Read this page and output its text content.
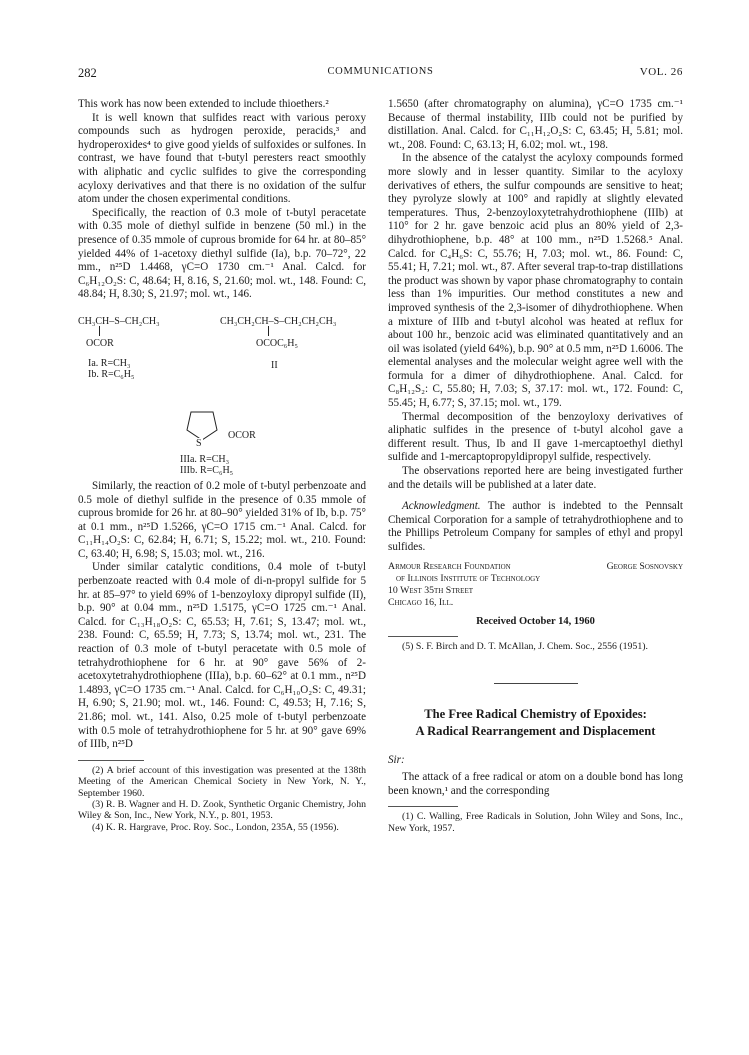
282	COMMUNICATIONS	VOL. 26

This work has now been extended to include thioethers.²

It is well known that sulfides react with various peroxy compounds such as hydrogen peroxide, peracids,³ and hydroperoxides⁴ to give good yields of sulfoxides or sulfones. In contrast, we have found that t-butyl peresters react smoothly with aliphatic and cyclic sulfides to give the corresponding acyloxy derivatives and that there is no oxidation of the sulfur atom under the chosen experimental conditions.

Specifically, the reaction of 0.3 mole of t-butyl peracetate with 0.35 mole of diethyl sulfide in benzene (50 ml.) in the presence of 0.35 mmole of cuprous bromide for 64 hr. at 80–85° yielded 44% of 1-acetoxy diethyl sulfide (Ia), b.p. 70–72°, 22 mm., n²⁵D 1.4468, γC=O 1730 cm.⁻¹ Anal. Calcd. for C₆H₁₂O₂S: C, 48.64; H, 8.16, S, 21.60; mol. wt., 148. Found: C, 48.84; H, 8.30; S, 21.97; mol. wt., 146.

CH₃CH–S–CH₂CH₃
OCOR
CH₃CH₂CH–S–CH₂CH₂CH₃
OCOC₆H₅
Ia. R=CH₃
Ib. R=C₆H₅
II
S
OCOR
IIIa. R=CH₃
IIIb. R=C₆H₅

Similarly, the reaction of 0.2 mole of t-butyl perbenzoate and 0.5 mole of diethyl sulfide in the presence of 0.35 mmole of cuprous bromide for 26 hr. at 80–90° yielded 31% of Ib, b.p. 75° at 0.1 mm., n²⁵D 1.5266, γC=O 1715 cm.⁻¹ Anal. Calcd. for C₁₁H₁₄O₂S: C, 62.84; H, 6.71; S, 15.22; mol. wt., 210. Found: C, 63.40; H, 6.98; S, 15.03; mol. wt., 216.

Under similar catalytic conditions, 0.4 mole of t-butyl perbenzoate reacted with 0.4 mole of di-n-propyl sulfide for 5 hr. at 85–97° to yield 69% of 1-benzoyloxy dipropyl sulfide (II), b.p. 90° at 0.04 mm., n²⁵D 1.5175, γC=O 1725 cm.⁻¹ Anal. Calcd. for C₁₃H₁₈O₂S: C, 65.53; H, 7.61; S, 13.47; mol. wt., 238. Found: C, 65.59; H, 7.73; S, 13.74; mol. wt., 231. The reaction of 0.3 mole of t-butyl peracetate with 0.5 mole of tetrahydrothiophene for 6 hr. at 90° gave 56% of 2-acetoxytetrahydrothiophene (IIIa), b.p. 60–62° at 0.1 mm., n²⁵D 1.4893, γC=O 1735 cm.⁻¹ Anal. Calcd. for C₆H₁₀O₂S: C, 49.31; H, 6.90; S, 21.90; mol. wt., 146. Found: C, 49.53; H, 7.16; S, 21.86; mol. wt., 141. Also, 0.25 mole of t-butyl perbenzoate with 0.5 mole of tetrahydrothiophene for 5 hr. at 90° gave 69% of IIIb, n²⁵D

(2) A brief account of this investigation was presented at the 138th Meeting of the American Chemical Society in New York, N. Y., September 1960.

(3) R. B. Wagner and H. D. Zook, Synthetic Organic Chemistry, John Wiley & Son, Inc., New York, N.Y., p. 801, 1953.

(4) K. R. Hargrave, Proc. Roy. Soc., London, 235A, 55 (1956).

1.5650 (after chromatography on alumina), γC=O 1735 cm.⁻¹ Because of thermal instability, IIIb could not be purified by distillation. Anal. Calcd. for C₁₁H₁₂O₂S: C, 63.45; H, 5.81; mol. wt., 208. Found: C, 63.13; H, 6.02; mol. wt., 198.

In the absence of the catalyst the acyloxy compounds formed more slowly and in lesser quantity. Similar to the acyloxy derivatives of ethers, the sulfur compounds are sensitive to heat; they pyrolyze slowly at 100° and rapidly at slightly elevated temperatures. Thus, 2-benzoyloxytetrahydrothiophene (IIIb) at 110° for 2 hr. gave benzoic acid plus an 80% yield of 2,3-dihydrothiophene, b.p. 48° at 100 mm., n²⁵D 1.5268.⁵ Anal. Calcd. for C₄H₆S: C, 55.76; H, 7.03; mol. wt., 86. Found: C, 55.41; H, 7.21; mol. wt., 87. After several trap-to-trap distillations the product was shown by vapor phase chromatography to contain less than 1% impurities. Our method constitutes a new and improved synthesis of the 2,3-isomer of dihydrothiophene. When a mixture of IIIb and t-butyl alcohol was heated at reflux for about 100 hr., benzoic acid was eliminated quantitatively and an oil was isolated (yield 64%), b.p. 90° at 0.5 mm, n²⁵D 1.6006. The elemental analyses and the molecular weight agree well with the formula for a dimer of dihydrothiophene. Anal. Calcd. for C₈H₁₂S₂: C, 55.80; H, 7.03; S, 37.17: mol. wt., 172. Found: C, 55.45; H, 6.77; S, 37.15; mol. wt., 179.

Thermal decomposition of the benzoyloxy derivatives of aliphatic sulfides in the presence of t-butyl alcohol gave a different result. Thus, Ib and II gave 1-mercaptoethyl diethyl sulfide and 1-mercaptopropyldipropyl sulfide, respectively.

The observations reported here are being investigated further and the details will be published at a later date.

Acknowledgment. The author is indebted to the Pennsalt Chemical Corporation for a sample of tetrahydrothiophene and to the Phillips Petroleum Company for samples of ethyl and propyl sulfides.

Armour Research Foundation	George Sosnovsky
of Illinois Institute of Technology
10 West 35th Street
Chicago 16, Ill.
Received October 14, 1960

(5) S. F. Birch and D. T. McAllan, J. Chem. Soc., 2556 (1951).

The Free Radical Chemistry of Epoxides:
A Radical Rearrangement and Displacement
Sir:

The attack of a free radical or atom on a double bond has long been known,¹ and the corresponding

(1) C. Walling, Free Radicals in Solution, John Wiley and Sons, Inc., New York, 1957.
